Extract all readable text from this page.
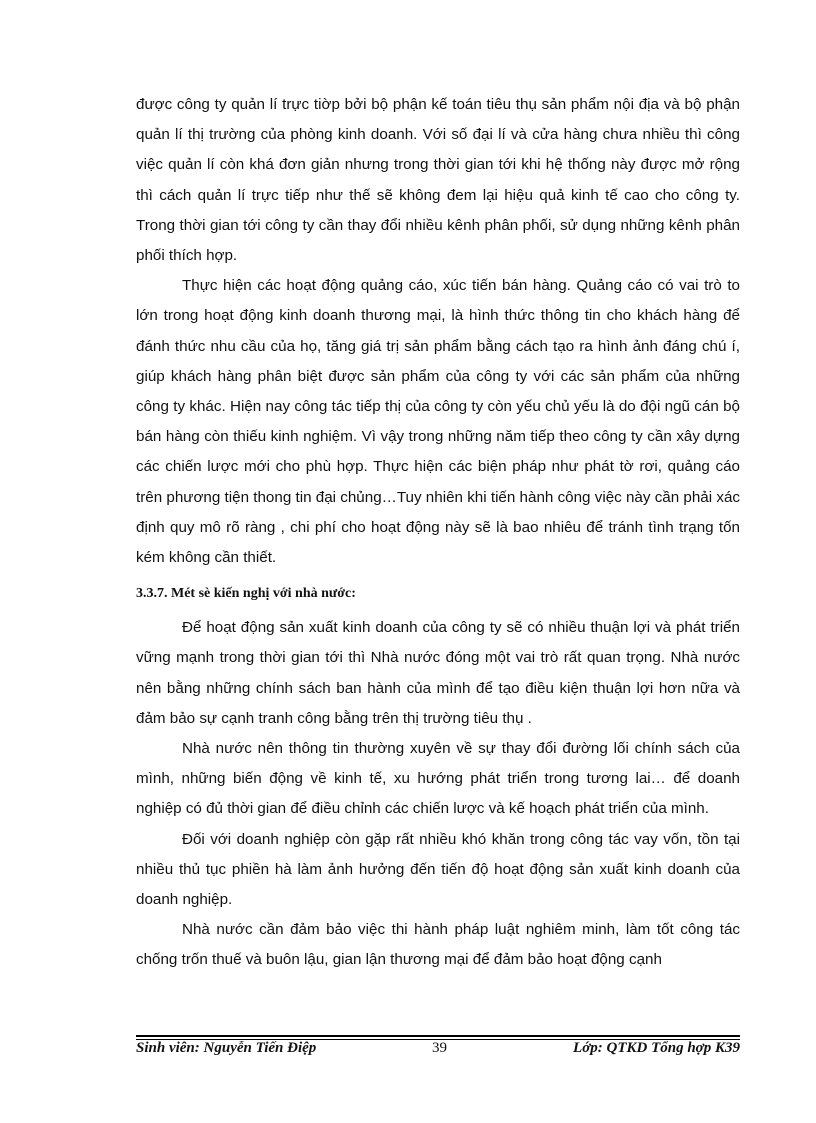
được công ty quản lí trực tiờp bởi bộ phận kế toán tiêu thụ sản phẩm nội địa và bộ phận quản lí thị trường của phòng kinh doanh. Với số đại lí và cửa hàng chưa nhiều thì công việc quản lí còn khá đơn giản nhưng trong thời gian tới khi hệ thống này được mở rộng thì cách quản lí trực tiếp như thế sẽ không đem lại hiệu quả kinh tế cao cho công ty. Trong thời gian tới công ty cần thay đổi nhiều kênh phân phối, sử dụng những kênh phân phối thích hợp.

Thực hiện các hoạt động quảng cáo, xúc tiến bán hàng. Quảng cáo có vai trò to lớn trong hoạt động kinh doanh thương mại, là hình thức thông tin cho khách hàng để đánh thức nhu cầu của họ, tăng giá trị sản phẩm bằng cách tạo ra hình ảnh đáng chú í, giúp khách hàng phân biệt được sản phẩm của công ty với các sản phẩm của những công ty khác. Hiện nay công tác tiếp thị của công ty còn yếu chủ yếu là do đội ngũ cán bộ bán hàng còn thiếu kinh nghiệm. Vì vậy trong những năm tiếp theo công ty cần xây dựng các chiến lược mới cho phù hợp. Thực hiện các biện pháp như phát tờ rơi, quảng cáo trên phương tiện thong tin đại chủng…Tuy nhiên khi tiến hành công việc này cần phải xác định quy mô rõ ràng , chi phí cho hoạt động này sẽ là bao nhiêu để tránh tình trạng tốn kém không cần thiết.

3.3.7. Mét sè kiến nghị với nhà nước:

Để hoạt động sản xuất kinh doanh của công ty sẽ có nhiều thuận lợi và phát triển vững mạnh trong thời gian tới thì Nhà nước đóng một vai trò rất quan trọng. Nhà nước nên bằng những chính sách ban hành của mình để tạo điều kiện thuận lợi hơn nữa và đảm bảo sự cạnh tranh công bằng trên thị trường tiêu thụ .

Nhà nước nên thông tin thường xuyên về sự thay đổi đường lối chính sách của mình, những biến động về kinh tế, xu hướng phát triển trong tương lai… để doanh nghiệp có đủ thời gian để điều chỉnh các chiến lược và kế hoạch phát triển của mình.

Đối với doanh nghiệp còn gặp rất nhiều khó khăn trong công tác vay vốn, tồn tại nhiều thủ tục phiền hà làm ảnh hưởng đến tiến độ hoạt động sản xuất kinh doanh của doanh nghiệp.

Nhà nước cần đảm bảo việc thi hành pháp luật nghiêm minh, làm tốt công tác chống trốn thuế và buôn lậu, gian lận thương mại để đảm bảo hoạt động cạnh

Sinh viên: Nguyễn Tiến Điệp	39	Lớp: QTKD Tổng hợp K39
